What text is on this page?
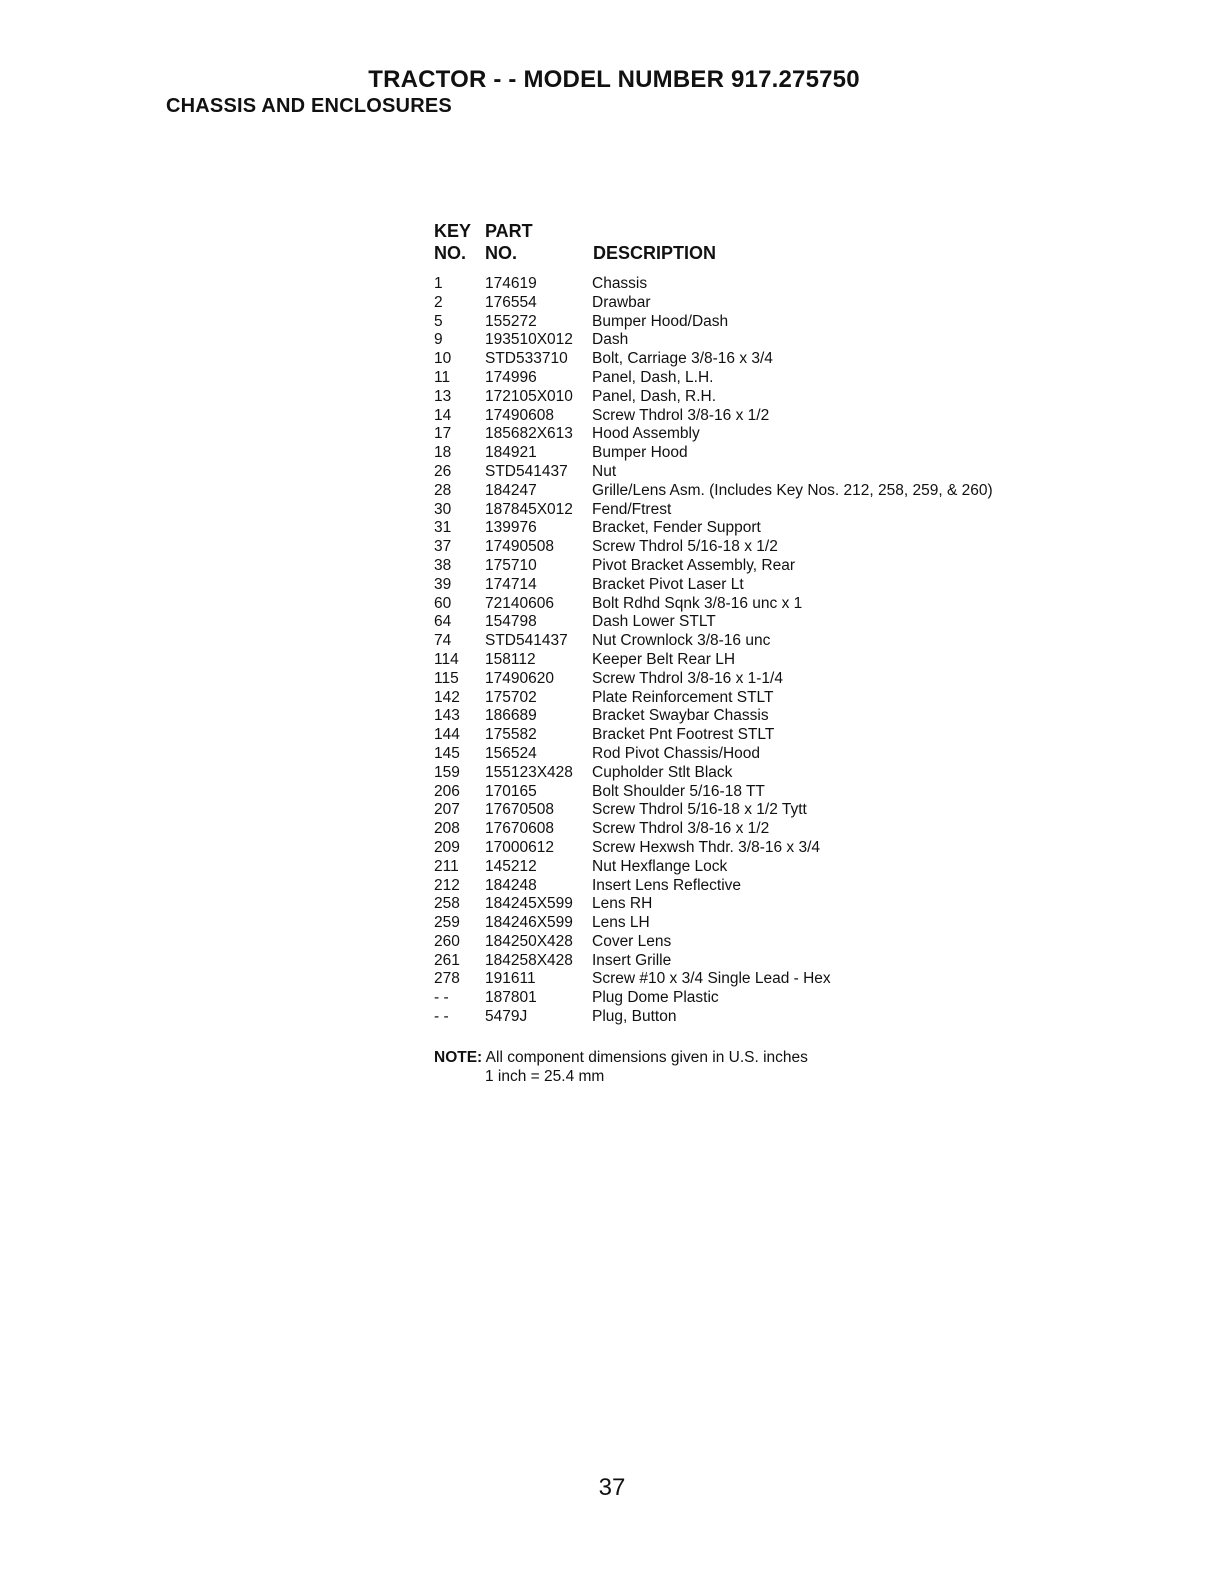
TRACTOR - - MODEL NUMBER 917.275750
CHASSIS AND ENCLOSURES
KEY PART
NO. NO.	DESCRIPTION
1	174619	Chassis
2	176554	Drawbar
5	155272	Bumper Hood/Dash
9	193510X012 Dash
10 STD533710 Bolt, Carriage 3/8-16 x 3/4
11 174996	Panel, Dash, L.H.
13 172105X010 Panel, Dash, R.H.
14 17490608 Screw Thdrol 3/8-16 x 1/2
17 185682X613 Hood Assembly
18 184921	Bumper Hood
26 STD541437 Nut
28 184247	Grille/Lens Asm. (Includes Key Nos. 212, 258, 259, & 260)
30 187845X012 Fend/Ftrest
31 139976	Bracket, Fender Support
37 17490508 Screw Thdrol 5/16-18 x 1/2
38 175710	Pivot Bracket Assembly, Rear
39 174714	Bracket Pivot Laser Lt
60 72140606 Bolt Rdhd Sqnk 3/8-16 unc x 1
64 154798	Dash Lower STLT
74 STD541437 Nut Crownlock 3/8-16 unc
114 158112	Keeper Belt Rear LH
115 17490620 Screw Thdrol 3/8-16 x 1-1/4
142 175702	Plate Reinforcement STLT
143 186689	Bracket Swaybar Chassis
144 175582	Bracket Pnt Footrest STLT
145 156524	Rod Pivot Chassis/Hood
159 155123X428 Cupholder Stlt Black
206 170165	Bolt Shoulder 5/16-18 TT
207 17670508 Screw Thdrol 5/16-18 x 1/2 Tytt
208 17670608 Screw Thdrol 3/8-16 x 1/2
209 17000612 Screw Hexwsh Thdr. 3/8-16 x 3/4
211 145212	Nut Hexflange Lock
212 184248	Insert Lens Reflective
258 184245X599 Lens RH
259 184246X599 Lens LH
260 184250X428 Cover Lens
261 184258X428 Insert Grille
278 191611	Screw #10 x 3/4 Single Lead - Hex
- - 187801	Plug Dome Plastic
- - 5479J	Plug, Button
NOTE: All component dimensions given in U.S. inches
1 inch = 25.4 mm
37
